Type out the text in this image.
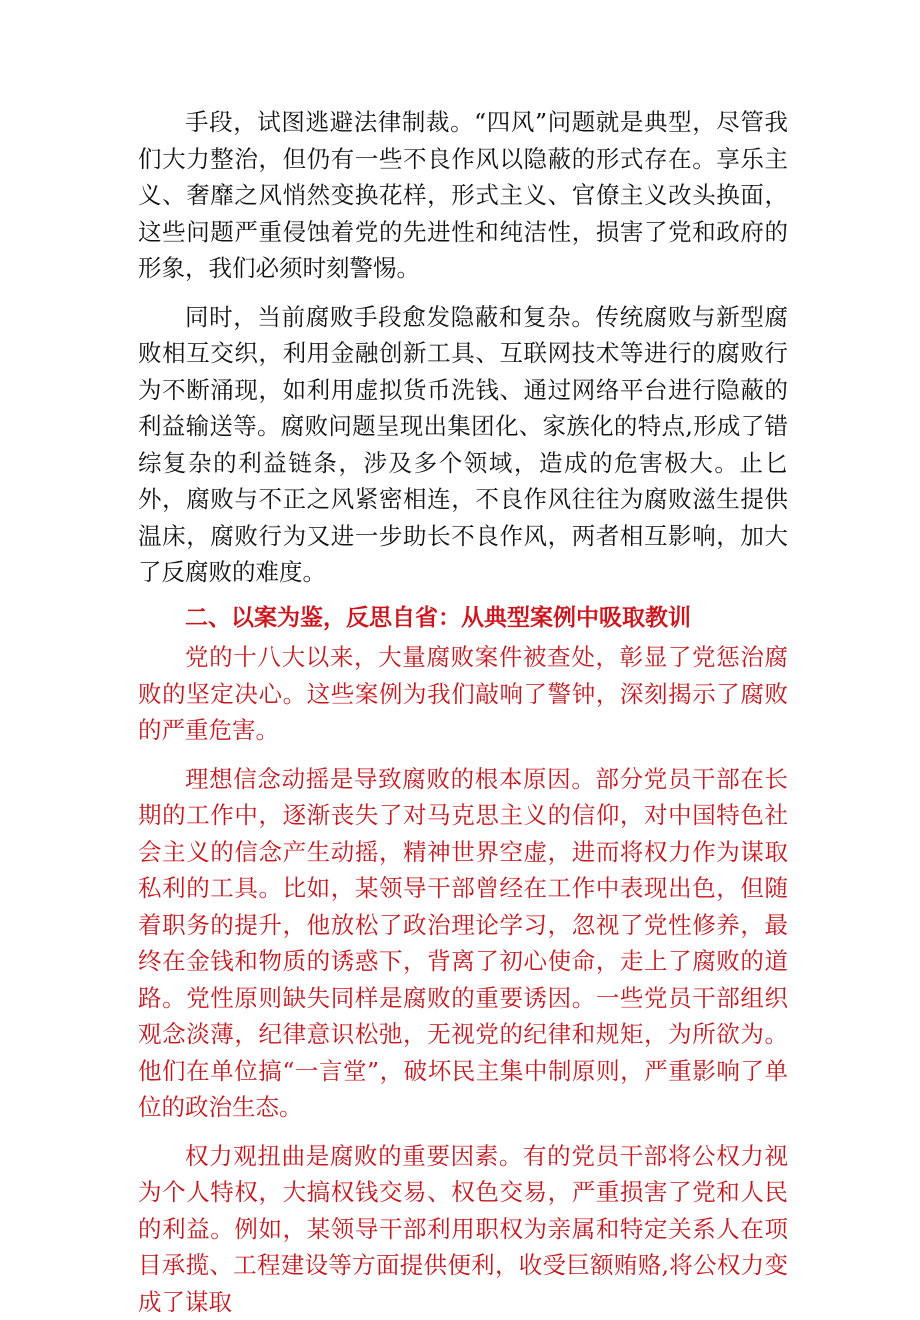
手段，试图逃避法律制裁。“四风”问题就是典型，尽管我们大力整治，但仍有一些不良作风以隐蔽的形式存在。享乐主义、奢靡之风悄然变换花样，形式主义、官僚主义改头换面，这些问题严重侵蚀着党的先进性和纯洁性，损害了党和政府的形象，我们必须时刻警惕。

同时，当前腐败手段愈发隐蔽和复杂。传统腐败与新型腐败相互交织，利用金融创新工具、互联网技术等进行的腐败行为不断涌现，如利用虚拟货币洗钱、通过网络平台进行隐蔽的利益输送等。腐败问题呈现出集团化、家族化的特点,形成了错综复杂的利益链条，涉及多个领域，造成的危害极大。止匕外，腐败与不正之风紧密相连，不良作风往往为腐败滋生提供温床，腐败行为又进一步助长不良作风，两者相互影响，加大了反腐败的难度。

二、以案为鉴，反思自省：从典型案例中吸取教训

党的十八大以来，大量腐败案件被查处，彰显了党惩治腐败的坚定决心。这些案例为我们敲响了警钟，深刻揭示了腐败的严重危害。

理想信念动摇是导致腐败的根本原因。部分党员干部在长期的工作中，逐渐丧失了对马克思主义的信仰，对中国特色社会主义的信念产生动摇，精神世界空虚，进而将权力作为谋取私利的工具。比如，某领导干部曾经在工作中表现出色，但随着职务的提升，他放松了政治理论学习，忽视了党性修养，最终在金钱和物质的诱惑下，背离了初心使命，走上了腐败的道路。党性原则缺失同样是腐败的重要诱因。一些党员干部组织观念淡薄，纪律意识松弛，无视党的纪律和规矩，为所欲为。他们在单位搞“一言堂”，破坏民主集中制原则，严重影响了单位的政治生态。

权力观扭曲是腐败的重要因素。有的党员干部将公权力视为个人特权，大搞权钱交易、权色交易，严重损害了党和人民的利益。例如，某领导干部利用职权为亲属和特定关系人在项目承揽、工程建设等方面提供便利，收受巨额贿赂,将公权力变成了谋取
